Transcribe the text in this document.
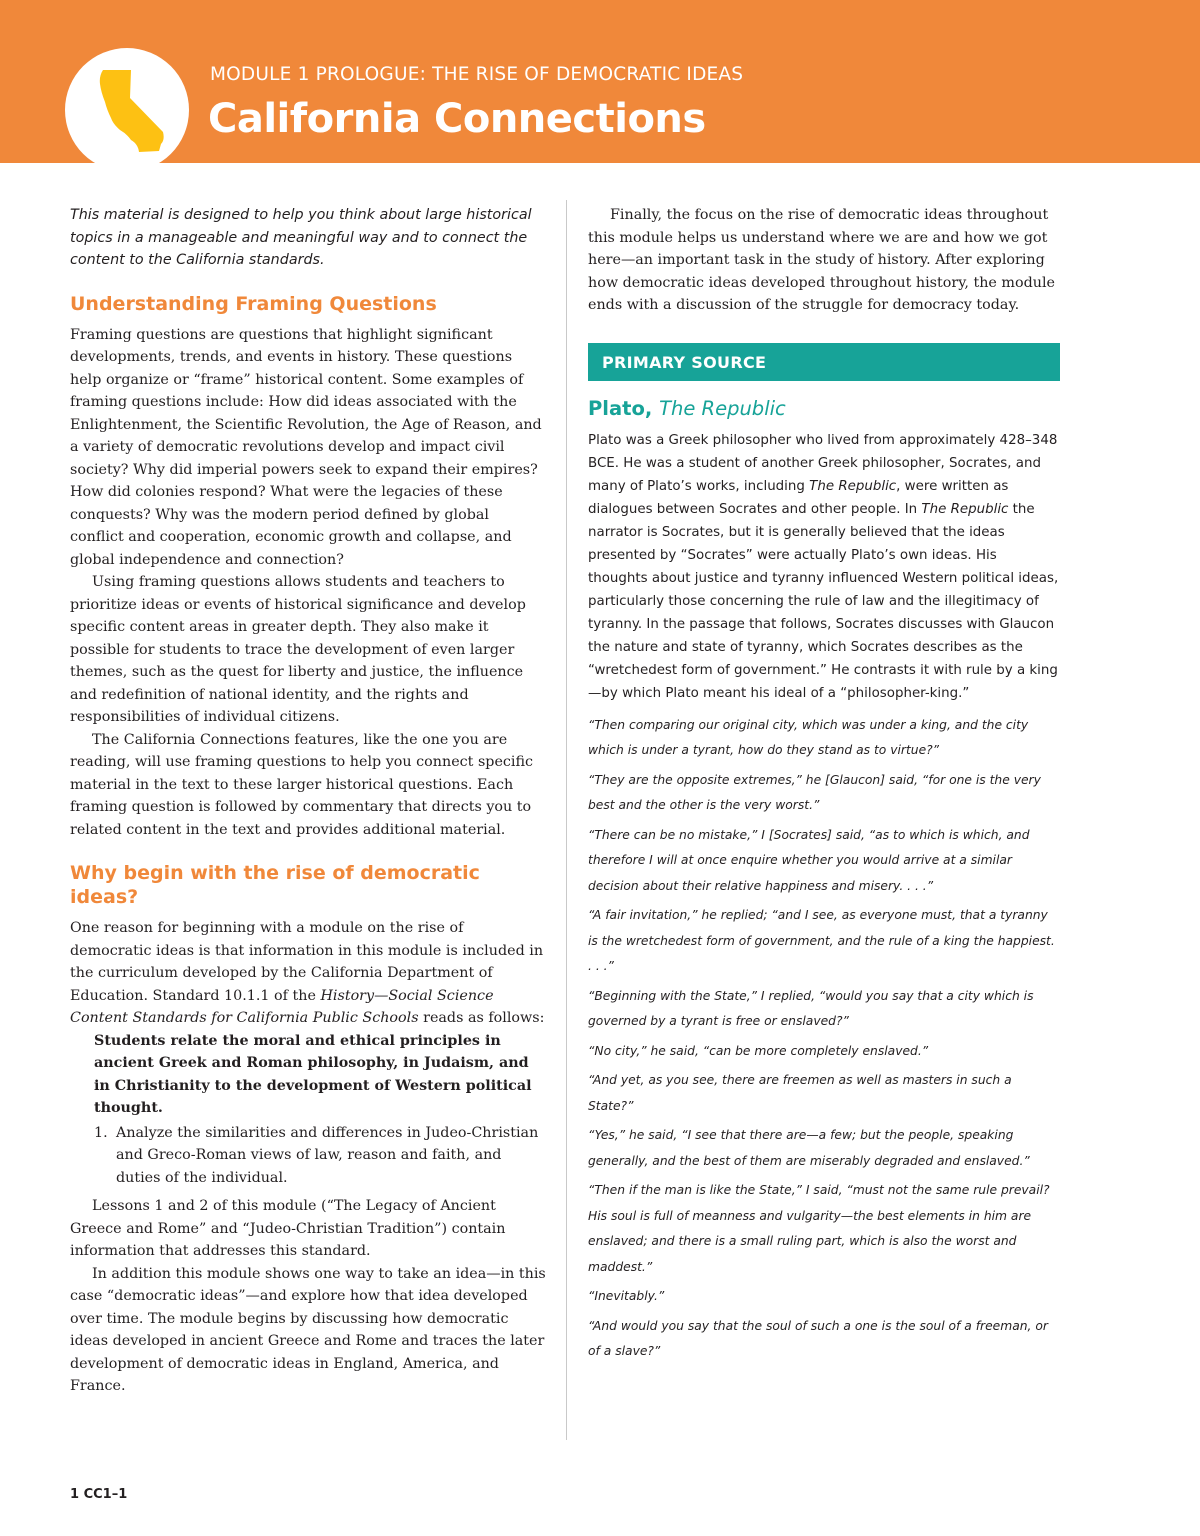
MODULE 1 PROLOGUE: THE RISE OF DEMOCRATIC IDEAS
California Connections

This material is designed to help you think about large historical topics in a manageable and meaningful way and to connect the content to the California standards.

Understanding Framing Questions

Framing questions are questions that highlight significant developments, trends, and events in history. These questions help organize or “frame” historical content. Some examples of framing questions include: How did ideas associated with the Enlightenment, the Scientific Revolution, the Age of Reason, and a variety of democratic revolutions develop and impact civil society? Why did imperial powers seek to expand their empires? How did colonies respond? What were the legacies of these conquests? Why was the modern period defined by global conflict and cooperation, economic growth and collapse, and global independence and connection?

Using framing questions allows students and teachers to prioritize ideas or events of historical significance and develop specific content areas in greater depth. They also make it possible for students to trace the development of even larger themes, such as the quest for liberty and justice, the influence and redefinition of national identity, and the rights and responsibilities of individual citizens.

The California Connections features, like the one you are reading, will use framing questions to help you connect specific material in the text to these larger historical questions. Each framing question is followed by commentary that directs you to related content in the text and provides additional material.

Why begin with the rise of democratic ideas?

One reason for beginning with a module on the rise of democratic ideas is that information in this module is included in the curriculum developed by the California Department of Education. Standard 10.1.1 of the History—Social Science Content Standards for California Public Schools reads as follows:

Students relate the moral and ethical principles in ancient Greek and Roman philosophy, in Judaism, and in Christianity to the development of Western political thought.

1. Analyze the similarities and differences in Judeo-Christian and Greco-Roman views of law, reason and faith, and duties of the individual.

Lessons 1 and 2 of this module (“The Legacy of Ancient Greece and Rome” and “Judeo-Christian Tradition”) contain information that addresses this standard.

In addition this module shows one way to take an idea—in this case “democratic ideas”—and explore how that idea developed over time. The module begins by discussing how democratic ideas developed in ancient Greece and Rome and traces the later development of democratic ideas in England, America, and France.

Finally, the focus on the rise of democratic ideas throughout this module helps us understand where we are and how we got here—an important task in the study of history. After exploring how democratic ideas developed throughout history, the module ends with a discussion of the struggle for democracy today.

PRIMARY SOURCE
Plato, The Republic

Plato was a Greek philosopher who lived from approximately 428–348 BCE. He was a student of another Greek philosopher, Socrates, and many of Plato’s works, including The Republic, were written as dialogues between Socrates and other people. In The Republic the narrator is Socrates, but it is generally believed that the ideas presented by “Socrates” were actually Plato’s own ideas. His thoughts about justice and tyranny influenced Western political ideas, particularly those concerning the rule of law and the illegitimacy of tyranny. In the passage that follows, Socrates discusses with Glaucon the nature and state of tyranny, which Socrates describes as the “wretchedest form of government.” He contrasts it with rule by a king—by which Plato meant his ideal of a “philosopher-king.”

“Then comparing our original city, which was under a king, and the city which is under a tyrant, how do they stand as to virtue?”

“They are the opposite extremes,” he [Glaucon] said, “for one is the very best and the other is the very worst.”

“There can be no mistake,” I [Socrates] said, “as to which is which, and therefore I will at once enquire whether you would arrive at a similar decision about their relative happiness and misery. . . .”

“A fair invitation,” he replied; “and I see, as everyone must, that a tyranny is the wretchedest form of government, and the rule of a king the happiest. . . .”

“Beginning with the State,” I replied, “would you say that a city which is governed by a tyrant is free or enslaved?”

“No city,” he said, “can be more completely enslaved.”

“And yet, as you see, there are freemen as well as masters in such a State?”

“Yes,” he said, “I see that there are—a few; but the people, speaking generally, and the best of them are miserably degraded and enslaved.”

“Then if the man is like the State,” I said, “must not the same rule prevail? His soul is full of meanness and vulgarity—the best elements in him are enslaved; and there is a small ruling part, which is also the worst and maddest.”

“Inevitably.”

“And would you say that the soul of such a one is the soul of a freeman, or of a slave?”

1 CC1–1
